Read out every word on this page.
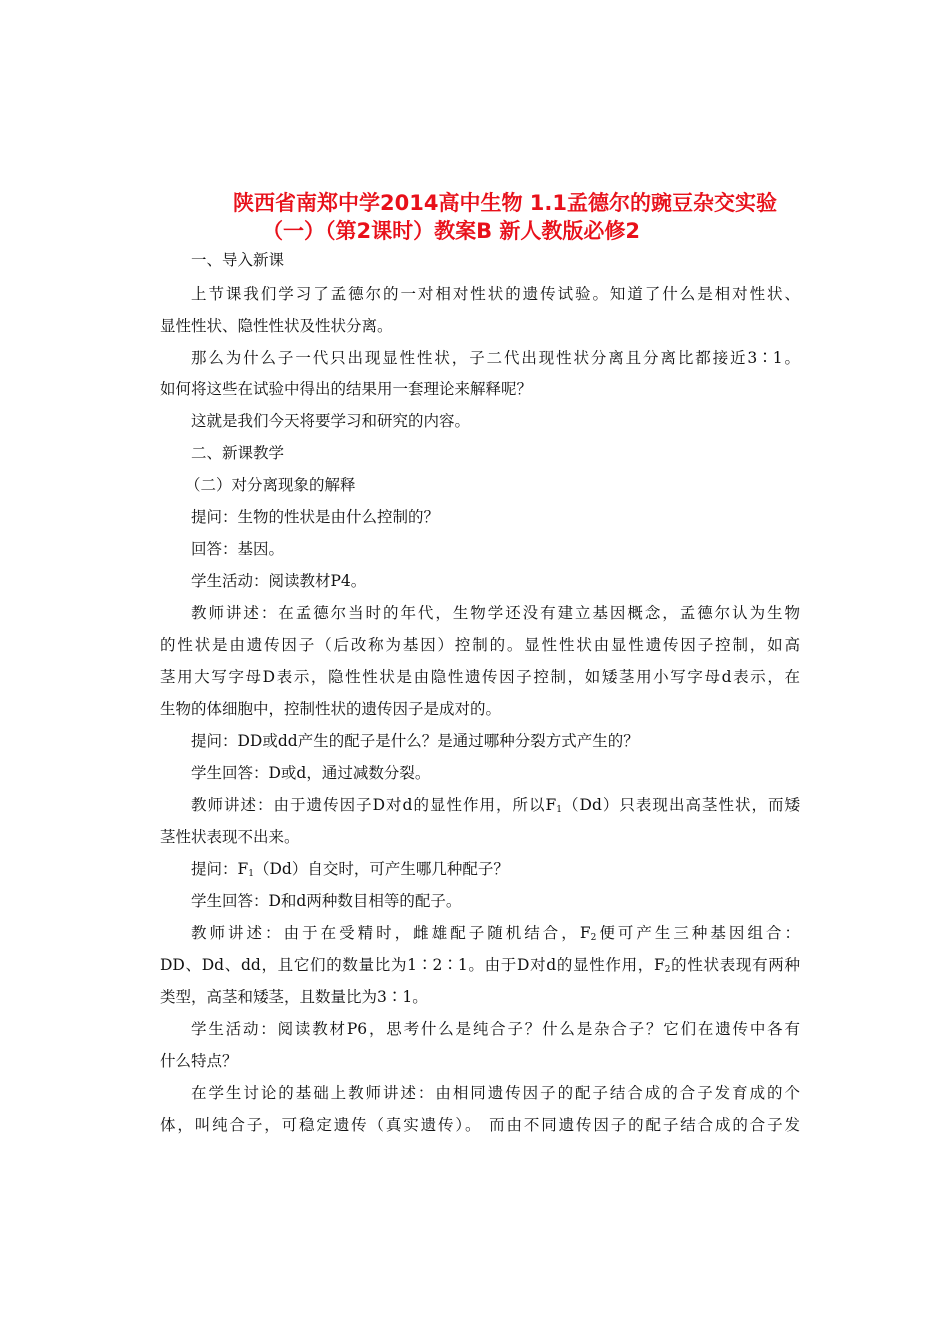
陕西省南郑中学2014高中生物 1.1孟德尔的豌豆杂交实验
（一）（第2课时）教案B 新人教版必修2
一、导入新课
上节课我们学习了孟德尔的一对相对性状的遗传试验。知道了什么是相对性状、
显性性状、隐性性状及性状分离。
那么为什么子一代只出现显性性状，子二代出现性状分离且分离比都接近3∶1。
如何将这些在试验中得出的结果用一套理论来解释呢？
这就是我们今天将要学习和研究的内容。
二、新课教学
（二）对分离现象的解释
提问：生物的性状是由什么控制的？
回答：基因。
学生活动：阅读教材P4。
教师讲述：在孟德尔当时的年代，生物学还没有建立基因概念，孟德尔认为生物
的性状是由遗传因子（后改称为基因）控制的。显性性状由显性遗传因子控制，如高
茎用大写字母D表示，隐性性状是由隐性遗传因子控制，如矮茎用小写字母d表示，在
生物的体细胞中，控制性状的遗传因子是成对的。
提问：DD或dd产生的配子是什么？是通过哪种分裂方式产生的？
学生回答：D或d，通过减数分裂。
教师讲述：由于遗传因子D对d的显性作用，所以$F_1(Dd)$只表现出高茎性状，而矮
茎性状表现不出来。
提问：$F_1(Dd)$自交时，可产生哪几种配子？
学生回答：D和d两种数目相等的配子。
教师讲述：由于在受精时，雌雄配子随机结合，$F_2$便可产生三种基因组合：
DD、Dd、dd，且它们的数量比为1∶2∶1。由于D对d的显性作用，$F_2$的性状表现有两种
类型，高茎和矮茎，且数量比为3∶1。
学生活动：阅读教材P6，思考什么是纯合子？什么是杂合子？它们在遗传中各有
什么特点？
在学生讨论的基础上教师讲述：由相同遗传因子的配子结合成的合子发育成的个
体，叫纯合子，可稳定遗传（真实遗传）。 而由不同遗传因子的配子结合成的合子发
